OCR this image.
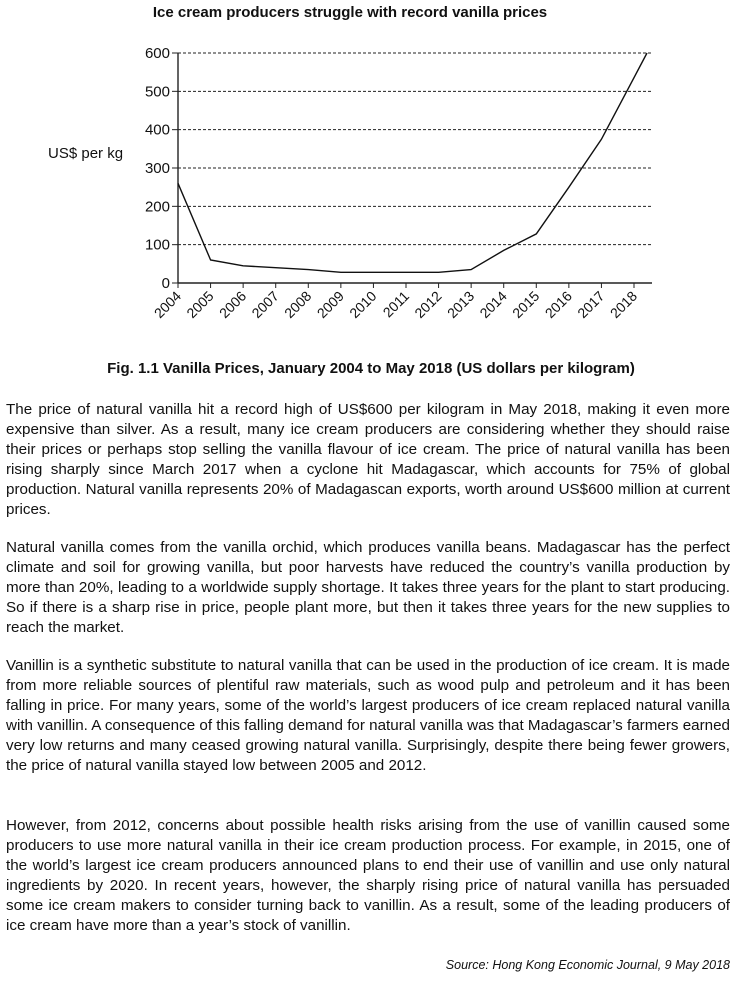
Ice cream producers struggle with record vanilla prices
0
100
200
300
400
500
600
2004 2005 2006 2007 2008 2009 2010 2011 2012 2013 2014 2015 2016 2017 2018
US$ per kg
Fig. 1.1 Vanilla Prices, January 2004 to May 2018 (US dollars per kilogram)

The price of natural vanilla hit a record high of US$600 per kilogram in May 2018, making it even more expensive than silver. As a result, many ice cream producers are considering whether they should raise their prices or perhaps stop selling the vanilla flavour of ice cream. The price of natural vanilla has been rising sharply since March 2017 when a cyclone hit Madagascar, which accounts for 75% of global production. Natural vanilla represents 20% of Madagascan exports, worth around US$600 million at current prices.

Natural vanilla comes from the vanilla orchid, which produces vanilla beans. Madagascar has the perfect climate and soil for growing vanilla, but poor harvests have reduced the country’s vanilla production by more than 20%, leading to a worldwide supply shortage. It takes three years for the plant to start producing. So if there is a sharp rise in price, people plant more, but then it takes three years for the new supplies to reach the market.

Vanillin is a synthetic substitute to natural vanilla that can be used in the production of ice cream. It is made from more reliable sources of plentiful raw materials, such as wood pulp and petroleum and it has been falling in price. For many years, some of the world’s largest producers of ice cream replaced natural vanilla with vanillin. A consequence of this falling demand for natural vanilla was that Madagascar’s farmers earned very low returns and many ceased growing natural vanilla. Surprisingly, despite there being fewer growers, the price of natural vanilla stayed low between 2005 and 2012.

However, from 2012, concerns about possible health risks arising from the use of vanillin caused some producers to use more natural vanilla in their ice cream production process. For example, in 2015, one of the world’s largest ice cream producers announced plans to end their use of vanillin and use only natural ingredients by 2020. In recent years, however, the sharply rising price of natural vanilla has persuaded some ice cream makers to consider turning back to vanillin. As a result, some of the leading producers of ice cream have more than a year’s stock of vanillin.

Source: Hong Kong Economic Journal, 9 May 2018
